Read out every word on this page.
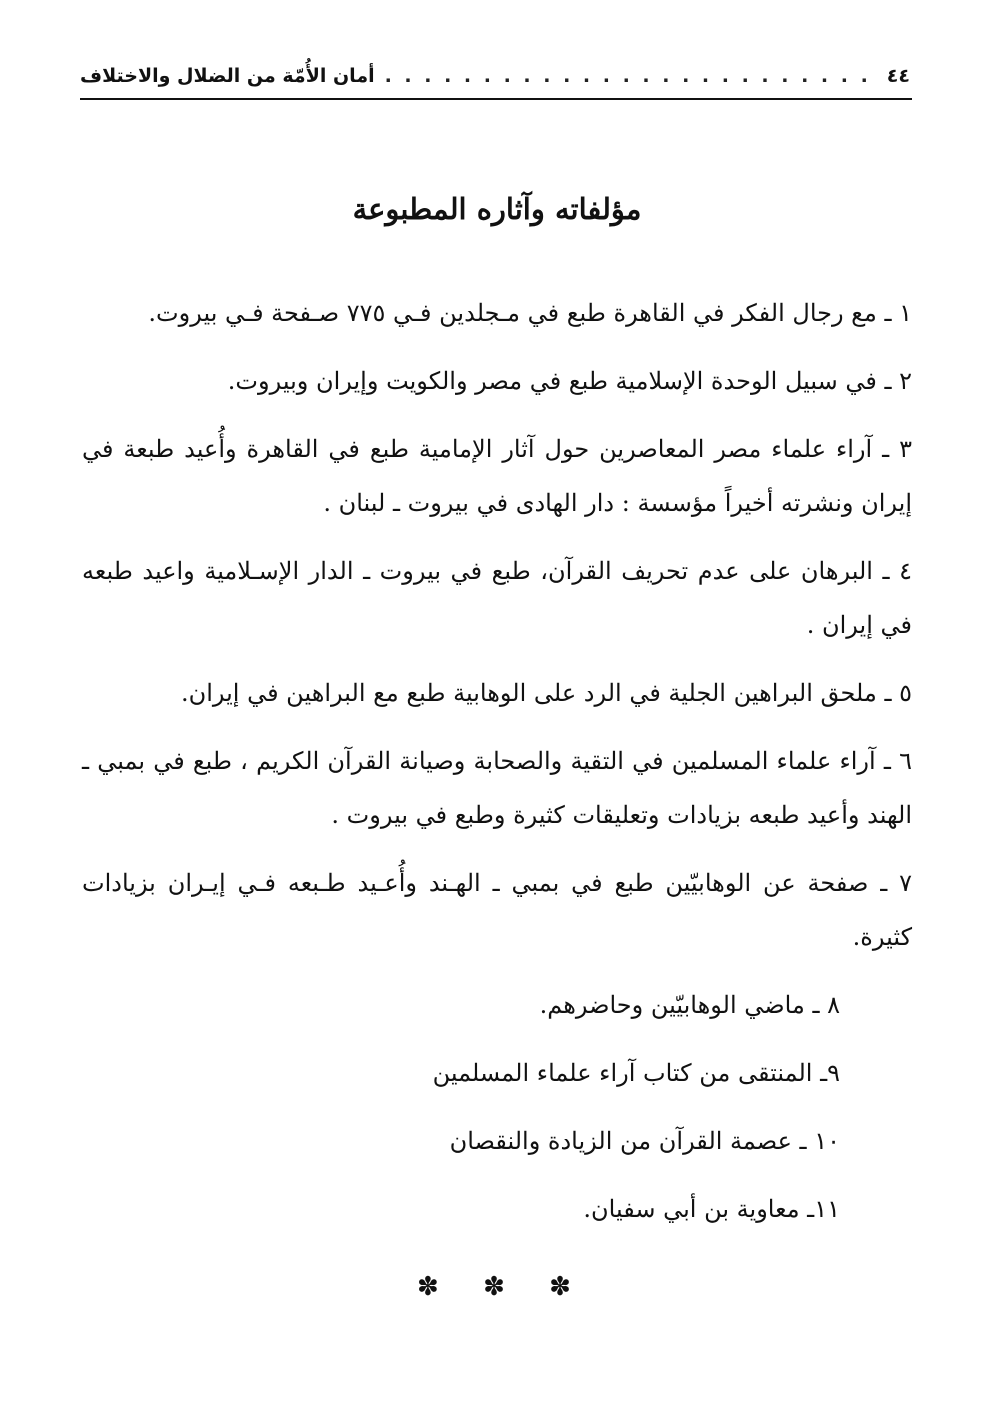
٤٤
. . .
أمان الأُمّة من الضلال والاختلاف
مؤلفاته وآثاره المطبوعة

١ ـ مع رجال الفكر في القاهرة طبع في مـجلدين فـي ٧٧٥ صـفحة فـي بيروت.

٢ ـ في سبيل الوحدة الإسلامية طبع في مصر والكويت وإيران وبيروت.

٣ ـ آراء علماء مصر المعاصرين حول آثار الإمامية طبع في القاهرة وأُعيد طبعة في إيران ونشرته أخيراً مؤسسة : دار الهادى في بيروت ـ لبنان .

٤ ـ البرهان على عدم تحريف القرآن، طبع في بيروت ـ الدار الإسـلامية واعيد طبعه في إيران .

٥ ـ ملحق البراهين الجلية في الرد على الوهابية طبع مع البراهين في إيران.

٦ ـ آراء علماء المسلمين في التقية والصحابة وصيانة القرآن الكريم ، طبع في بمبي ـ الهند وأعيد طبعه بزيادات وتعليقات كثيرة وطبع في بيروت .

٧ ـ صفحة عن الوهابيّين طبع في بمبي ـ الهـند وأُعـيد طـبعه فـي إيـران بزيادات كثيرة.

٨ ـ ماضي الوهابيّين وحاضرهم.

٩ـ المنتقى من كتاب آراء علماء المسلمين

١٠ ـ عصمة القرآن من الزيادة والنقصان

١١ـ معاوية بن أبي سفيان.

✽ ✽ ✽
